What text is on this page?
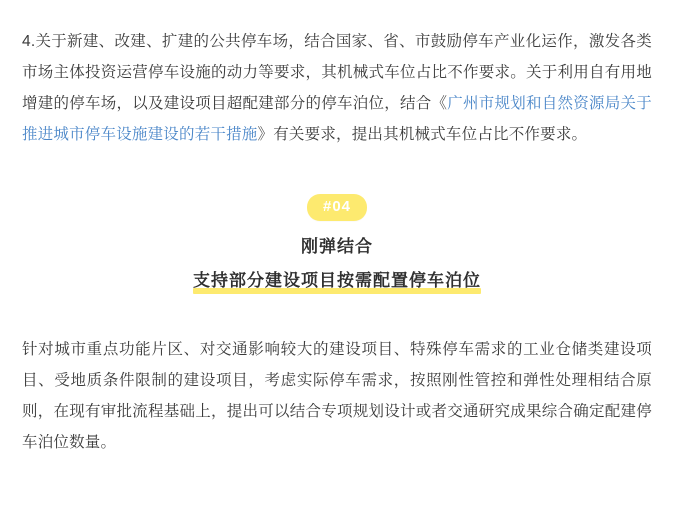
4.关于新建、改建、扩建的公共停车场，结合国家、省、市鼓励停车产业化运作，激发各类市场主体投资运营停车设施的动力等要求，其机械式车位占比不作要求。关于利用自有用地增建的停车场，以及建设项目超配建部分的停车泊位，结合《广州市规划和自然资源局关于推进城市停车设施建设的若干措施》有关要求，提出其机械式车位占比不作要求。

#04
刚弹结合
支持部分建设项目按需配置停车泊位

针对城市重点功能片区、对交通影响较大的建设项目、特殊停车需求的工业仓储类建设项目、受地质条件限制的建设项目，考虑实际停车需求，按照刚性管控和弹性处理相结合原则，在现有审批流程基础上，提出可以结合专项规划设计或者交通研究成果综合确定配建停车泊位数量。
